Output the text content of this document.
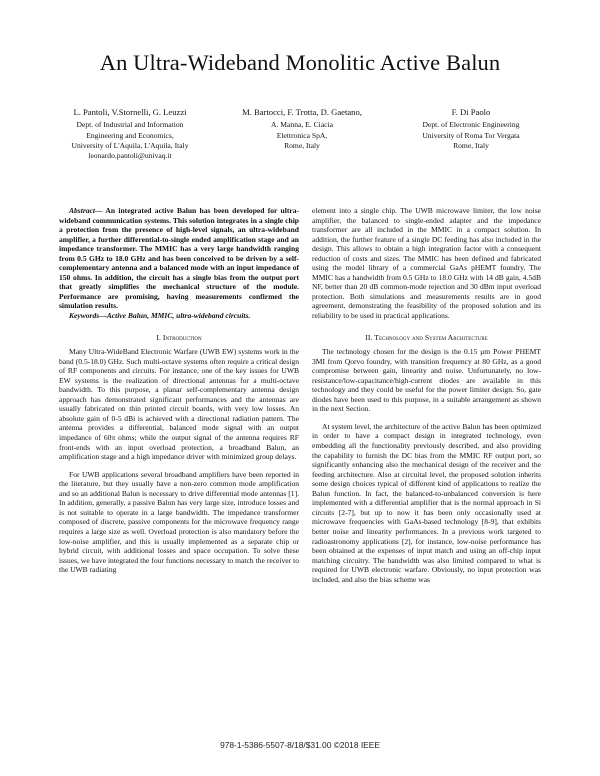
An Ultra-Wideband Monolitic Active Balun
L. Pantoli, V.Stornelli, G. Leuzzi
Dept. of Industrial and Information
Engineering and Economics,
University of L'Aquila, L'Aquila, Italy
leonardo.pantoli@univaq.it
M. Bartocci, F. Trotta, D. Gaetano,
A. Manna, E. Ciacia
Elettronica SpA,
Rome, Italy
F. Di Paolo
Dept. of Electronic Engineering
University of Roma Tor Vergata
Rome, Italy

Abstract— An integrated active Balun has been developed for ultra-wideband communication systems. This solution integrates in a single chip a protection from the presence of high-level signals, an ultra-wideband amplifier, a further differential-to-single ended amplification stage and an impedance transformer. The MMIC has a very large handwidth ranging from 0.5 GHz to 18.0 GHz and has been conceived to be driven by a self-complementary antenna and a balanced mode with an input impedance of 150 ohms. In addition, the circuit has a single bias from the output port that greatly simplifies the mechanical structure of the module. Performance are promising, having measurements confirmed the simulation results.

Keywords—Active Balun, MMIC, ultra-wideband circuits.

I. Introduction

Many Ultra-WideBand Electronic Warfare (UWB EW) systems work in the band (0.5-18.0) GHz. Such multi-octave systems often require a critical design of RF components and circuits. For instance, one of the key issues for UWB EW systems is the realization of directional antennas for a multi-octave bandwidth. To this purpose, a planar self-complementary antenna design approach has demonstrated significant performances and the antennas are usually fabricated on thin printed circuit boards, with very low losses. An absolute gain of 0-5 dBi is achieved with a directional radiation pattern. The antenna provides a differential, balanced mode signal with an output impedance of 60π ohms; while the output signal of the antenna requires RF front-ends with an input overload protection, a broadband Balun, an amplification stage and a high impedance driver with minimized group delays.

For UWB applications several broadband amplifiers have been reported in the literature, but they usually have a non-zero common mode amplification and so an additional Balun is necessary to drive differential mode antennas [1]. In addition, generally, a passive Balun has very large size, introduce losses and is not suitable to operate in a large bandwidth. The impedance transformer composed of discrete, passive components for the microwave frequency range requires a large size as well. Overload protection is also mandatory before the low-noise amplifier, and this is usually implemented as a separate chip or hybrid circuit, with additional losses and space occupation. To solve these issues, we have integrated the four functions necessary to match the receiver to the UWB radiating

element into a single chip. The UWB microwave limiter, the low noise amplifier, the balanced to single-ended adapter and the impedance transformer are all included in the MMIC in a compact solution. In addition, the further feature of a single DC feeding has also included in the design. This allows to obtain a high integration factor with a consequent reduction of costs and sizes. The MMIC has been defined and fabricated using the model library of a commercial GaAs pHEMT foundry. The MMIC has a handwidth from 0.5 GHz to 18.0 GHz with 14 dB gain, 4.5dB NF, better than 20 dB common-mode rejection and 30 dBm input overload protection. Both simulations and measurements results are in good agreement, demonstrating the feasibility of the proposed solution and its reliability to be used in practical applications.

II. Technology and System Architecture

The technology chosen for the design is the 0.15 μm Power PHEMT 3MI from Qorvo foundry, with transition frequency at 80 GHz, as a good compromise between gain, linearity and noise. Unfortunately, no low-resistance/low-capacitance/high-current diodes are available in this technology and they could be useful for the power limiter design. So, gate diodes have been used to this purpose, in a suitable arrangement as shown in the next Section.

At system level, the architecture of the active Balun has been optimized in order to have a compact design in integrated technology, even embedding all the functionality previously described, and also providing the capability to furnish the DC bias from the MMIC RF output port, so significantly enhancing also the mechanical design of the receiver and the feeding architecture. Also at circuital level, the proposed solution inherits some design choices typical of different kind of applications to realize the Balun function. In fact, the balanced-to-unbalanced conversion is here implemented with a differential amplifier that is the normal approach in Si circuits [2-7], but up to now it has been only occasionally used at microwave frequencies with GaAs-based technology [8-9], that exhibits better noise and linearity performances. In a previous work targeted to radioastronomy applications [2], for instance, low-noise performance has been obtained at the expenses of input match and using an off-chip input matching circuitry. The bandwidth was also limited compared to what is required for UWB electronic warfare. Obviously, no input protection was included, and also the bias scheme was

978-1-5386-5507-8/18/$31.00 ©2018 IEEE
